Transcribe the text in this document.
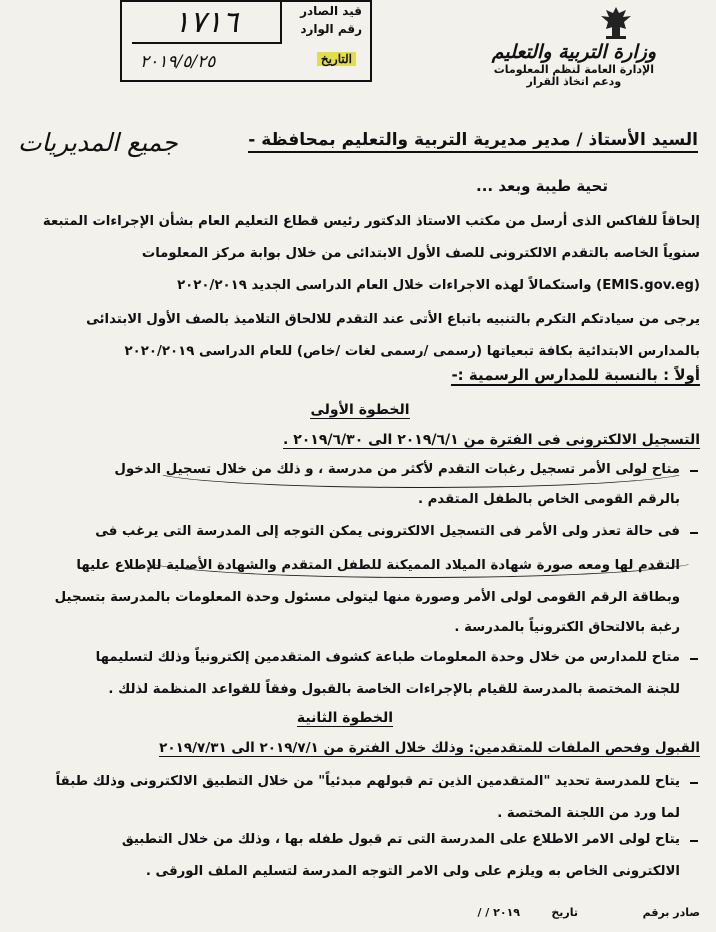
١٧١٦	قيد الصادر
رقم الوارد
٢٠١٩/٥/٢٥	التاريخ	وزارة التربية والتعليم
الإدارة العامة لنظم المعلومات
ودعم اتخاذ القرار
السيد الأستاذ / مدير مديرية التربية والتعليم بمحافظة -
جميع المديريات
تحية طيبة وبعد ...
إلحاقاً للفاكس الذى أرسل من مكتب الاستاذ الدكتور رئيس قطاع التعليم العام بشأن الإجراءات المتبعة
سنوياً الخاصه بالتقدم الالكترونى للصف الأول الابتدائى من خلال بوابة مركز المعلومات
(EMIS.gov.eg) واستكمالاً لهذه الاجراءات خلال العام الدراسى الجديد ٢٠٢٠/٢٠١٩
يرجى من سيادتكم التكرم بالتنبيه باتباع الأتى عند التقدم للالحاق التلاميذ بالصف الأول الابتدائى
بالمدارس الابتدائية بكافة تبعياتها (رسمى /رسمى لغات /خاص) للعام الدراسى ٢٠٢٠/٢٠١٩
أولاً : بالنسبة للمدارس الرسمية :-
الخطوة الأولى
التسجيل الالكترونى فى الفترة من ٢٠١٩/٦/١ الى ٢٠١٩/٦/٣٠ .
متاح لولى الأمر تسجيل رغبات التقدم لأكثر من مدرسة ، و ذلك من خلال تسجيل الدخول
بالرقم القومى الخاص بالطفل المتقدم .
فى حالة تعذر ولى الأمر فى التسجيل الالكترونى يمكن التوجه إلى المدرسة التى يرغب فى
التقدم لها ومعه صورة شهادة الميلاد المميكنة للطفل المتقدم والشهادة الأصلية للإطلاع عليها
وبطاقة الرقم القومى لولى الأمر وصورة منها ليتولى مسئول وحدة المعلومات بالمدرسة بتسجيل
رغبة بالالتحاق الكترونياً بالمدرسة .
متاح للمدارس من خلال وحدة المعلومات طباعة كشوف المتقدمين إلكترونياً وذلك لتسليمها
للجنة المختصة بالمدرسة للقيام بالإجراءات الخاصة بالقبول وفقاً للقواعد المنظمة لذلك .
الخطوة الثانية
القبول وفحص الملفات للمتقدمين: وذلك خلال الفترة من ٢٠١٩/٧/١ الى ٢٠١٩/٧/٣١
يتاح للمدرسة تحديد "المتقدمين الذين تم قبولهم مبدئياً" من خلال التطبيق الالكترونى وذلك طبقاً
لما ورد من اللجنة المختصة .
يتاح لولى الامر الاطلاع على المدرسة التى تم قبول طفله بها ، وذلك من خلال التطبيق
الالكترونى الخاص به ويلزم على ولى الامر التوجه المدرسة لتسليم الملف الورقى .
صادر برقم
تاريخ
/ / ٢٠١٩
